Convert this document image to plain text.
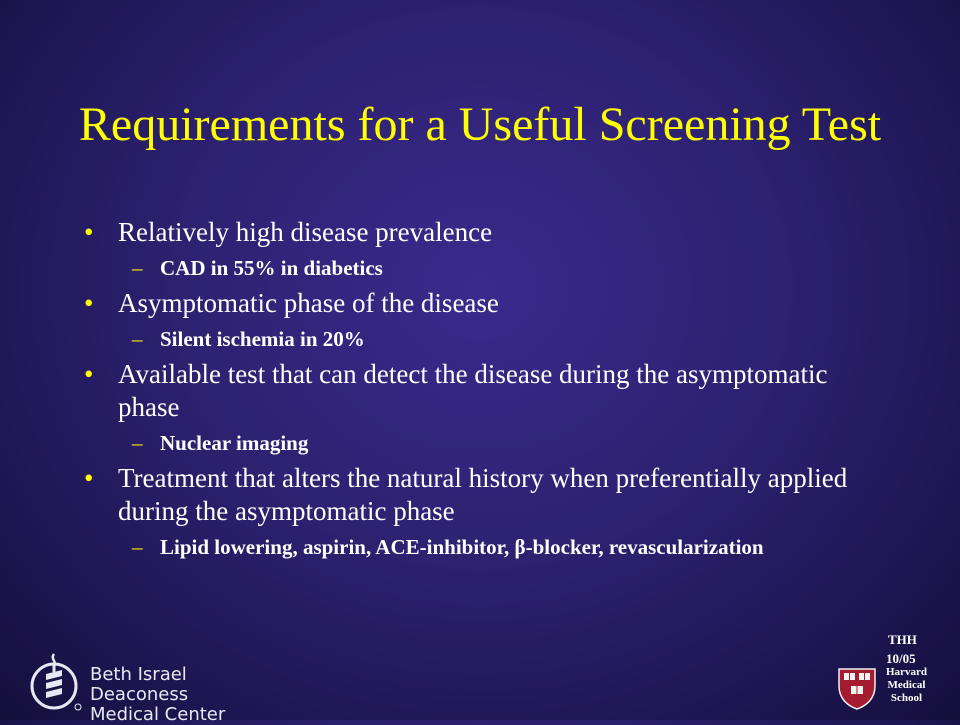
Requirements for a Useful Screening Test
• Relatively high disease prevalence
– CAD in 55% in diabetics
• Asymptomatic phase of the disease
– Silent ischemia in 20%
• Available test that can detect the disease during the asymptomatic phase
– Nuclear imaging
• Treatment that alters the natural history when preferentially applied during the asymptomatic phase
– Lipid lowering, aspirin, ACE-inhibitor, β-blocker, revascularization
Beth Israel Deaconess
Medical Center
THH
10/05
Harvard
Medical
School
